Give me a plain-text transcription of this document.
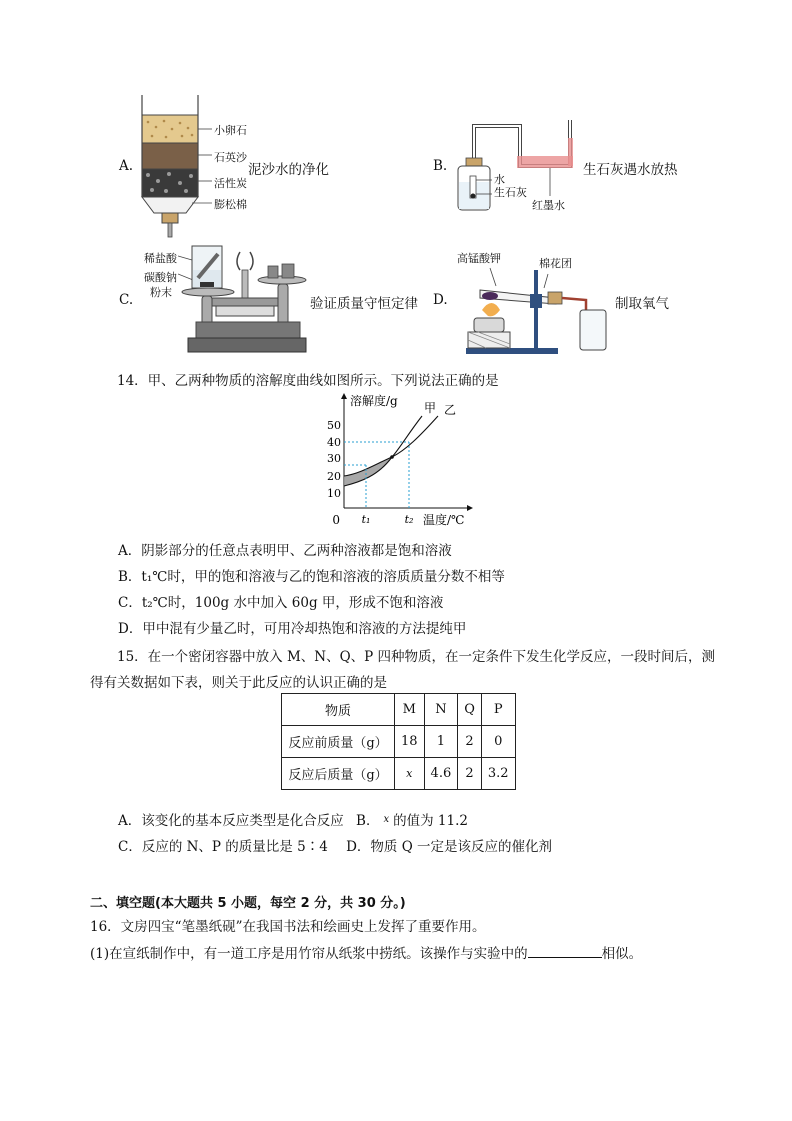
A.
小卵石
石英沙
活性炭
膨松棉
泥沙水的净化	B.
水
生石灰
红墨水
生石灰遇水放热
C.
稀盐酸
碳酸钠
粉末
验证质量守恒定律 D.
高锰酸钾	棉花团
制取氧气
14．甲、乙两种物质的溶解度曲线如图所示。下列说法正确的是
溶解度/g
温度/℃
0
50
40
30
20
10
t₁	t₂
甲 乙
A．阴影部分的任意点表明甲、乙两种溶液都是饱和溶液
B．t₁℃时，甲的饱和溶液与乙的饱和溶液的溶质质量分数不相等
C．t₂℃时，100g 水中加入 60g 甲，形成不饱和溶液
D．甲中混有少量乙时，可用冷却热饱和溶液的方法提纯甲
15．在一个密闭容器中放入 M、N、Q、P 四种物质，在一定条件下发生化学反应，一段时间后，测
得有关数据如下表，则关于此反应的认识正确的是
物质	M	N	Q	P
反应前质量（g）	18	1	2	0
反应后质量（g）	x	4.6	2	3.2
A．该变化的基本反应类型是化合反应 B． $^x$ 的值为 11.2
C．反应的 N、P 的质量比是 5∶4 D．物质 Q 一定是该反应的催化剂
二、填空题(本大题共 5 小题，每空 2 分，共 30 分。)
16．文房四宝“笔墨纸砚”在我国书法和绘画史上发挥了重要作用。
(1)在宣纸制作中，有一道工序是用竹帘从纸浆中捞纸。该操作与实验中的	相似。
